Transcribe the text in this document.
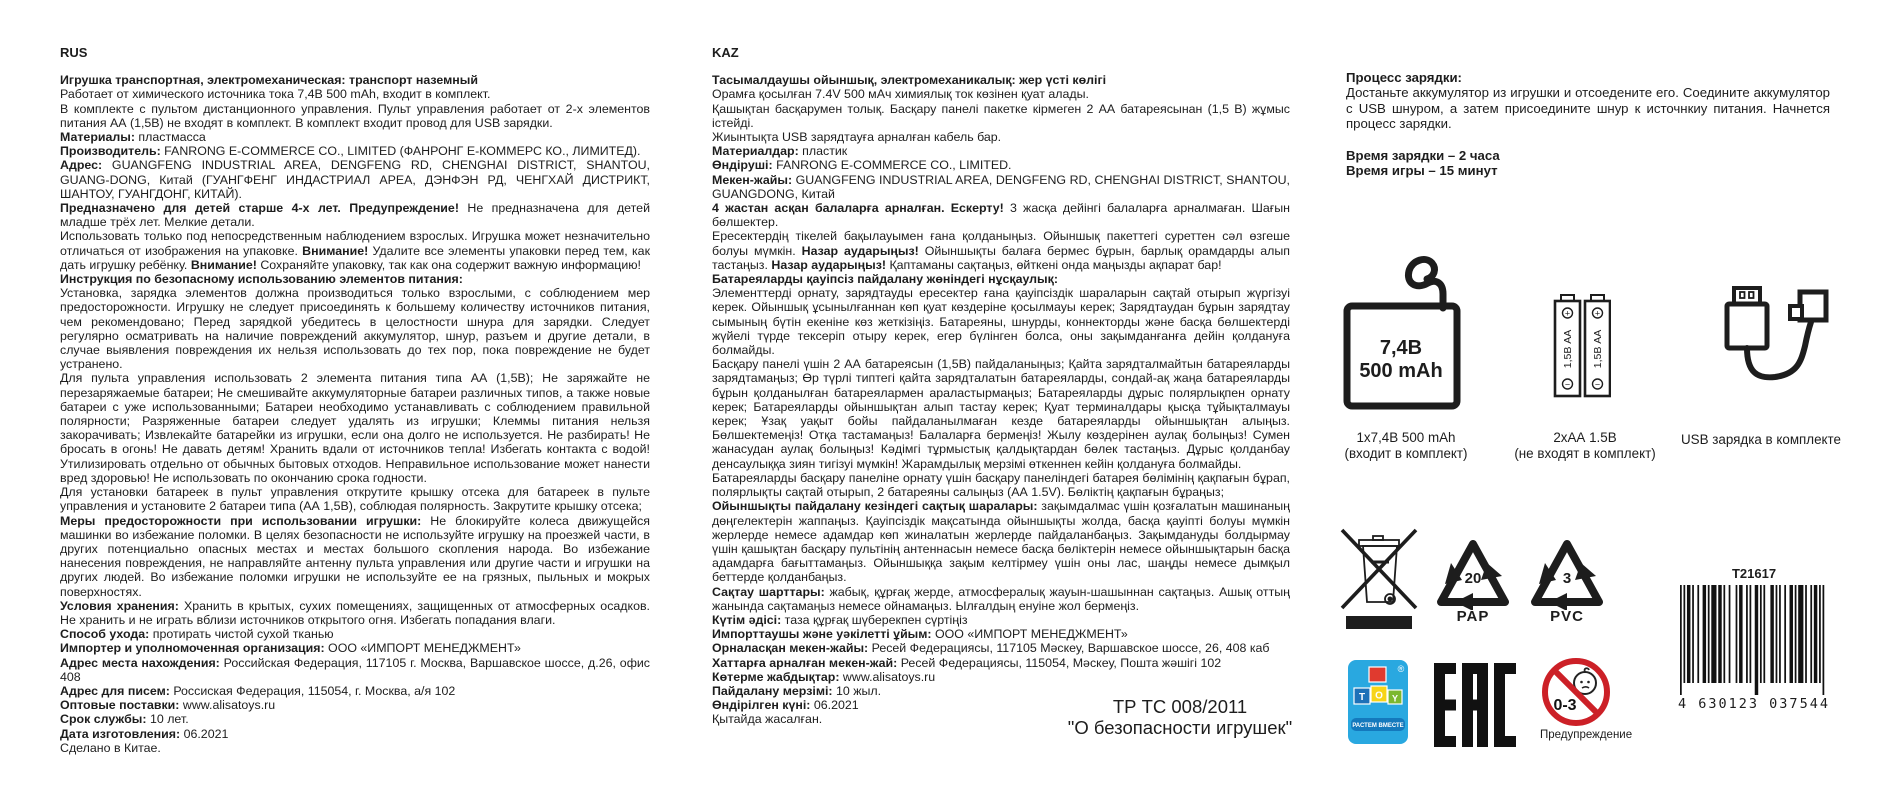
RUS

Игрушка транспортная, электромеханическая: транспорт наземный

Работает от химического источника тока 7,4В 500 mAh, входит в комплект.

В комплекте с пультом дистанционного управления. Пульт управления работает от 2-х элементов питания АА (1,5В) не входят в комплект. В комплект входит провод для USB зарядки.

Материалы: пластмасса

Производитель: FANRONG E-COMMERCE CO., LIMITED (ФАНРОНГ Е-КОММЕРС КО., ЛИМИТЕД).

Адрес: GUANGFENG INDUSTRIAL AREA, DENGFENG RD, CHENGHAI DISTRICT, SHANTOU, GUANG-DONG, Китай (ГУАНГФЕНГ ИНДАСТРИАЛ АРЕА, ДЭНФЭН РД, ЧЕНГХАЙ ДИСТРИКТ, ШАНТОУ, ГУАНГДОНГ, КИТАЙ).

Предназначено для детей старше 4-х лет. Предупреждение! Не предназначена для детей младше трёх лет. Мелкие детали.

Использовать только под непосредственным наблюдением взрослых. Игрушка может незначительно отличаться от изображения на упаковке. Внимание! Удалите все элементы упаковки перед тем, как дать игрушку ребёнку. Внимание! Сохраняйте упаковку, так как она содержит важную информацию!

Инструкция по безопасному использованию элементов питания:

Установка, зарядка элементов должна производиться только взрослыми, с соблюдением мер предосторожности. Игрушку не следует присоединять к большему количеству источников питания, чем рекомендовано; Перед зарядкой убедитесь в целостности шнура для зарядки. Следует регулярно осматривать на наличие повреждений аккумулятор, шнур, разъем и другие детали, в случае выявления повреждения их нельзя использовать до тех пор, пока повреждение не будет устранено.

Для пульта управления использовать 2 элемента питания типа АА (1,5В); Не заряжайте не перезаряжаемые батареи; Не смешивайте аккумуляторные батареи различных типов, а также новые батареи с уже использованными; Батареи необходимо устанавливать с соблюдением правильной полярности; Разряженные батареи следует удалять из игрушки; Клеммы питания нельзя закорачивать; Извлекайте батарейки из игрушки, если она долго не используется. Не разбирать! Не бросать в огонь! Не давать детям! Хранить вдали от источников тепла! Избегать контакта с водой! Утилизировать отдельно от обычных бытовых отходов. Неправильное использование может нанести вред здоровью! Не использовать по окончанию срока годности.

Для установки батареек в пульт управления открутите крышку отсека для батареек в пульте управления и установите 2 батареи типа (АА 1,5В), соблюдая полярность. Закрутите крышку отсека;

Меры предосторожности при использовании игрушки: Не блокируйте колеса движущейся машинки во избежание поломки. В целях безопасности не используйте игрушку на проезжей части, в других потенциально опасных местах и местах большого скопления народа. Во избежание нанесения повреждения, не направляйте антенну пульта управления или другие части и игрушки на других людей. Во избежание поломки игрушки не используйте ее на грязных, пыльных и мокрых поверхностях.

Условия хранения: Хранить в крытых, сухих помещениях, защищенных от атмосферных осадков. Не хранить и не играть вблизи источников открытого огня. Избегать попадания влаги.

Способ ухода: протирать чистой сухой тканью

Импортер и уполномоченная организация: ООО «ИМПОРТ МЕНЕДЖМЕНТ»

Адрес места нахождения: Российская Федерация, 117105 г. Москва, Варшавское шоссе, д.26, офис 408

Адрес для писем: Россиская Федерация, 115054, г. Москва, а/я 102

Оптовые поставки: www.alisatoys.ru

Срок службы: 10 лет.

Дата изготовления: 06.2021

Сделано в Китае.

KAZ

Тасымалдаушы ойыншық, электромеханикалық: жер үсті көлігі

Орамға қосылған 7.4V 500 мАч химиялық ток көзінен қуат алады.

Қашықтан басқарумен толық. Басқару панелі пакетке кірмеген 2 АА батареясынан (1,5 В) жұмыс істейді.

Жиынтықта USB зарядтауға арналған кабель бар.

Материалдар: пластик

Өндіруші: FANRONG E-COMMERCE CO., LIMITED.

Мекен-жайы: GUANGFENG INDUSTRIAL AREA, DENGFENG RD, CHENGHAI DISTRICT, SHANTOU, GUANGDONG, Китай

4 жастан асқан балаларға арналған. Ескерту! 3 жасқа дейінгі балаларға арналмаған. Шағын бөлшектер.

Ересектердің тікелей бақылауымен ғана қолданыңыз. Ойыншық пакеттегі суреттен сәл өзгеше болуы мүмкін. Назар аударыңыз! Ойыншықты балаға бермес бұрын, барлық орамдарды алып тастаңыз. Назар аударыңыз! Қаптаманы сақтаңыз, өйткені онда маңызды ақпарат бар!

Батареяларды қауіпсіз пайдалану жөніндегі нұсқаулық:

Элементтерді орнату, зарядтауды ересектер ғана қауіпсіздік шараларын сақтай отырып жүргізуі керек. Ойыншық ұсынылғаннан көп қуат көздеріне қосылмауы керек; Зарядтаудан бұрын зарядтау сымының бүтін екеніне көз жеткізіңіз. Батареяны, шнурды, коннекторды және басқа бөлшектерді жүйелі түрде тексеріп отыру керек, егер бүлінген болса, оны зақымданғанға дейін қолдануға болмайды.

Басқару панелі үшін 2 АА батареясын (1,5В) пайдаланыңыз; Қайта зарядталмайтын батареяларды зарядтамаңыз; Өр түрлі типтегі қайта зарядталатын батареяларды, сондай-ақ жаңа батареяларды бұрын қолданылған батареялармен араластырмаңыз; Батареяларды дұрыс полярлықпен орнату керек; Батареяларды ойыншықтан алып тастау керек; Қуат терминалдары қысқа тұйықталмауы керек; Ұзақ уақыт бойы пайдаланылмаған кезде батареяларды ойыншықтан алыңыз. Бөлшектемеңіз! Отқа тастамаңыз! Балаларға бермеңіз! Жылу көздерінен аулақ болыңыз! Сумен жанасудан аулақ болыңыз! Кәдімгі тұрмыстық қалдықтардан бөлек тастаңыз. Дұрыс қолданбау денсаулыққа зиян тигізуі мүмкін! Жарамдылық мерзімі өткеннен кейін қолдануға болмайды.

Батареяларды басқару панеліне орнату үшін басқару панеліндегі батарея бөлімінің қақпағын бұрап, полярлықты сақтай отырып, 2 батареяны салыңыз (АА 1.5V). Бөліктің қақпағын бұраңыз;

Ойыншықты пайдалану кезіндегі сақтық шаралары: зақымдалмас үшін қозғалатын машинаның дөңгелектерін жаппаңыз. Қауіпсіздік мақсатында ойыншықты жолда, басқа қауіпті болуы мүмкін жерлерде немесе адамдар көп жиналатын жерлерде пайдаланбаңыз. Зақымдануды болдырмау үшін қашықтан басқару пультінің антеннасын немесе басқа бөліктерін немесе ойыншықтарын басқа адамдарға бағыттамаңыз. Ойыншыққа зақым келтірмеу үшін оны лас, шаңды немесе дымқыл беттерде қолданбаңыз.

Сақтау шарттары: жабық, құрғақ жерде, атмосфералық жауын-шашыннан сақтаңыз. Ашық оттың жанында сақтамаңыз немесе ойнамаңыз. Ылғалдың енуіне жол бермеңіз.

Күтім әдісі: таза құрғақ шүберекпен сүртіңіз

Импорттаушы және уәкілетті ұйым: ООО «ИМПОРТ МЕНЕДЖМЕНТ»

Орналасқан мекен-жайы: Ресей Федерациясы, 117105 Мәскеу, Варшавское шоссе, 26, 408 каб

Хаттарға арналған мекен-жай: Ресей Федерациясы, 115054, Мәскеу, Пошта жәшігі 102

Көтерме жабдықтар: www.alisatoys.ru

Пайдалану мерзімі: 10 жыл.

Өндірілген күні: 06.2021

Қытайда жасалған.

ТР ТС 008/2011
"О безопасности игрушек"
Процесс зарядки:
Достаньте аккумулятор из игрушки и отсоедените его. Соедините аккумулятор с USB шнуром, а затем присоедините шнур к источнкиу питания. Начнется процесс зарядки.
Время зарядки – 2 часа
Время игры – 15 минут
7,4В
500 mAh
1x7,4В 500 mAh
(входит в комплект)
+	+
−	−
1,5В АА 1,5В АА
2xАА 1.5В
(не входят в комплект)
USB зарядка в комплекте
20
PAP
3
PVC
T21617
4 630123 037544
®
Т О Y
РАСТЕМ ВМЕСТЕ
0-3
Предупреждение
